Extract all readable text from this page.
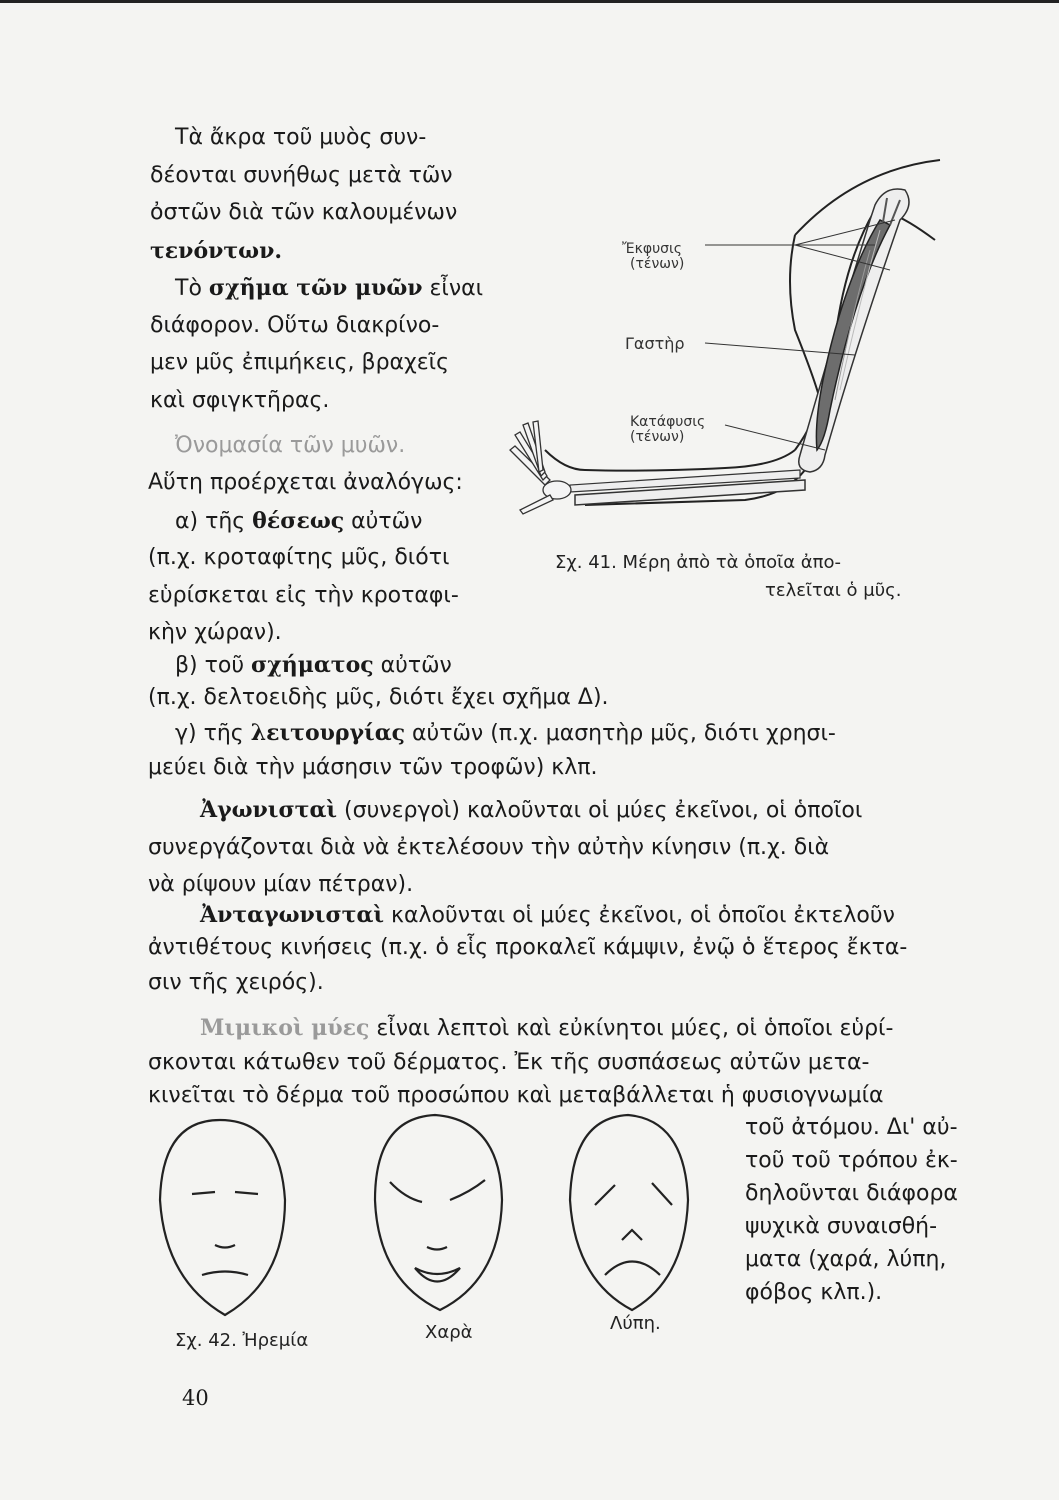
Τὰ ἄκρα τοῦ μυὸς συν-
δέονται συνήθως μετὰ τῶν
ὀστῶν διὰ τῶν καλουμένων
τενόντων.
Τὸ σχῆμα τῶν μυῶν εἶναι
διάφορον. Οὕτω διακρίνο-
μεν μῦς ἐπιμήκεις, βραχεῖς
καὶ σφιγκτῆρας.
Ὀνομασία τῶν μυῶν.
Αὕτη προέρχεται ἀναλόγως:
α) τῆς θέσεως αὐτῶν
(π.χ. κροταφίτης μῦς, διότι
εὑρίσκεται εἰς τὴν κροταφι-
κὴν χώραν).
β) τοῦ σχήματος αὐτῶν
(π.χ. δελτοειδὴς μῦς, διότι ἔχει σχῆμα Δ).
γ) τῆς λειτουργίας αὐτῶν (π.χ. μασητὴρ μῦς, διότι χρησι-
μεύει διὰ τὴν μάσησιν τῶν τροφῶν) κλπ.
Ἀγωνισταὶ (συνεργοὶ) καλοῦνται οἱ μύες ἐκεῖνοι, οἱ ὁποῖοι
συνεργάζονται διὰ νὰ ἐκτελέσουν τὴν αὐτὴν κίνησιν (π.χ. διὰ
νὰ ρίψουν μίαν πέτραν).
Ἀνταγωνισταὶ καλοῦνται οἱ μύες ἐκεῖνοι, οἱ ὁποῖοι ἐκτελοῦν
ἀντιθέτους κινήσεις (π.χ. ὁ εἷς προκαλεῖ κάμψιν, ἐνῷ ὁ ἕτερος ἔκτα-
σιν τῆς χειρός).
Μιμικοὶ μύες εἶναι λεπτοὶ καὶ εὐκίνητοι μύες, οἱ ὁποῖοι εὑρί-
σκονται κάτωθεν τοῦ δέρματος. Ἐκ τῆς συσπάσεως αὐτῶν μετα-
κινεῖται τὸ δέρμα τοῦ προσώπου καὶ μεταβάλλεται ἡ φυσιογνωμία
τοῦ ἀτόμου. Δι' αὐ-
τοῦ τοῦ τρόπου ἐκ-
δηλοῦνται διάφορα
ψυχικὰ συναισθή-
ματα (χαρά, λύπη,
φόβος κλπ.).
Ἔκφυσις
(τένων)
Γαστὴρ
Κατάφυσις
(τένων)
Σχ. 41. Μέρη ἀπὸ τὰ ὁποῖα ἀπο-
τελεῖται ὁ μῦς.
Σχ. 42. Ἠρεμία	Χαρὰ	Λύπη.
40
